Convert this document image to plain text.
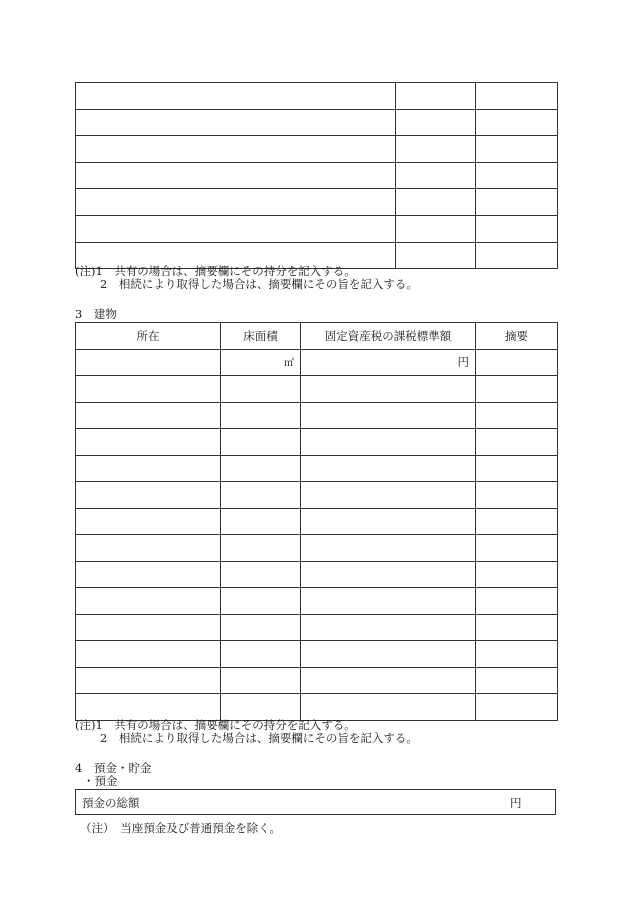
(注)1　 共有の場合は、摘要欄にその持分を記入する。
2　 相続により取得した場合は、摘要欄にその旨を記入する。
3　建物
所在	床面積	固定資産税の課税標準額	摘要
	㎡	円	

(注)1　 共有の場合は、摘要欄にその持分を記入する。
2　 相続により取得した場合は、摘要欄にその旨を記入する。
4　預金・貯金
・預金
預金の総額	円
（注）　当座預金及び普通預金を除く。
